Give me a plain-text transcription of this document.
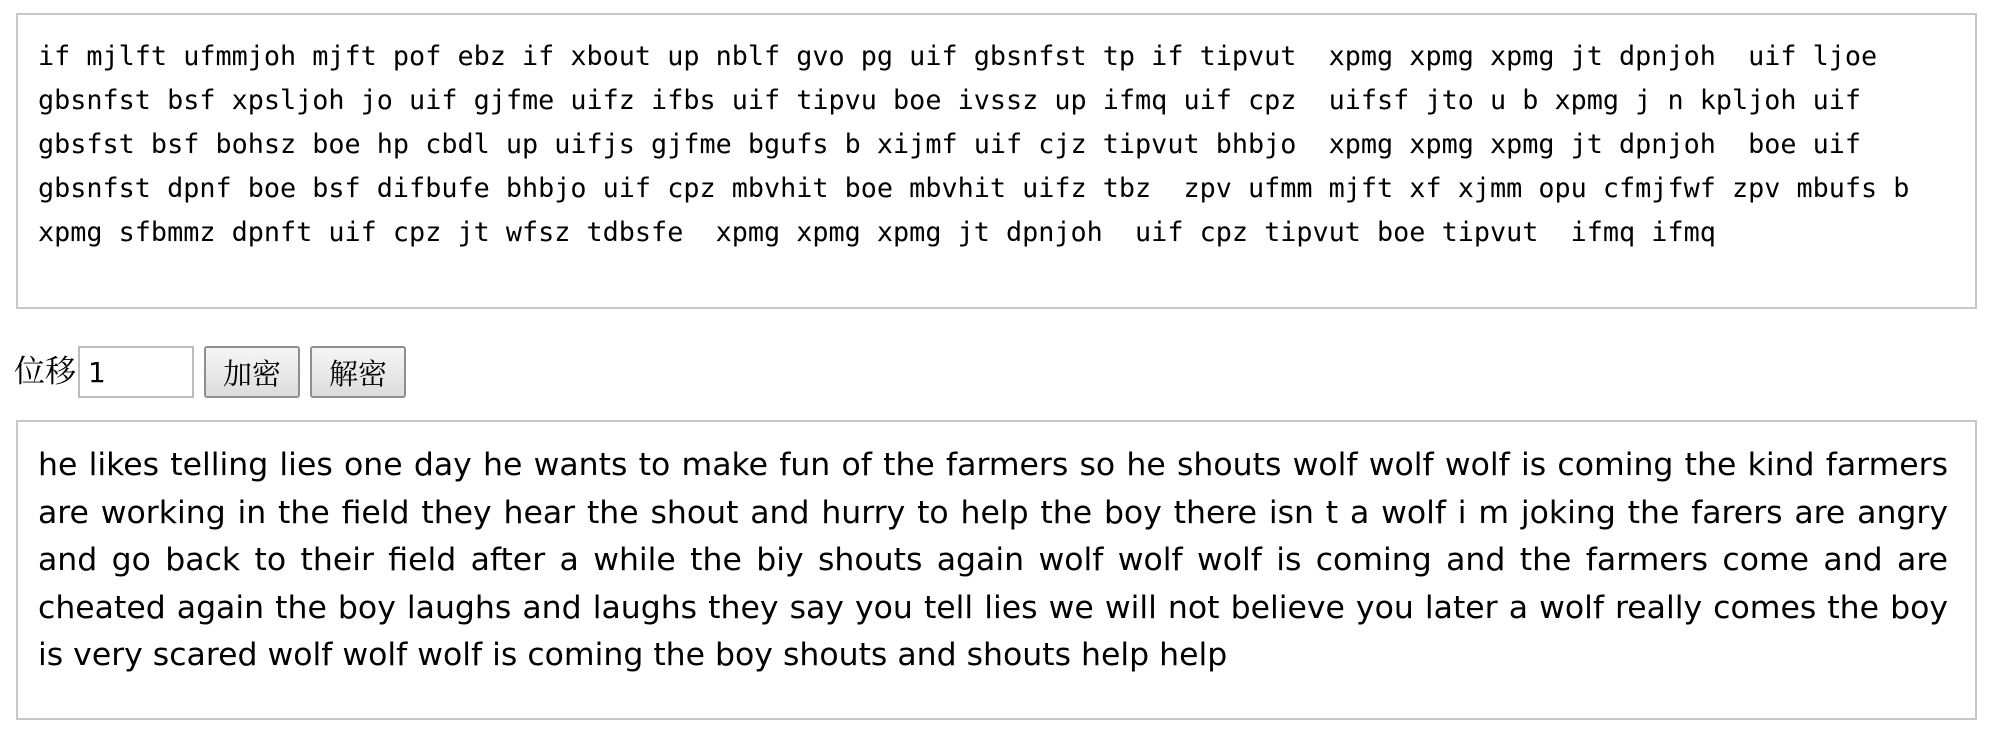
if mjlft ufmmjoh mjft pof ebz if xbout up nblf gvo pg uif gbsnfst tp if tipvut  xpmg xpmg xpmg jt dpnjoh  uif ljoe gbsnfst bsf xpsljoh jo uif gjfme uifz ifbs uif tipvu boe ivssz up ifmq uif cpz  uifsf jto u b xpmg j n kpljoh uif gbsfst bsf bohsz boe hp cbdl up uifjs gjfme bgufs b xijmf uif cjz tipvut bhbjo  xpmg xpmg xpmg jt dpnjoh  boe uif gbsnfst dpnf boe bsf difbufe bhbjo uif cpz mbvhit boe mbvhit uifz tbz  zpv ufmm mjft xf xjmm opu cfmjfwf zpv mbufs b xpmg sfbmmz dpnft uif cpz jt wfsz tdbsfe  xpmg xpmg xpmg jt dpnjoh  uif cpz tipvut boe tipvut  ifmq ifmq
位移
1	加密	解密
he likes telling lies one day he wants to make fun of the farmers so he shouts wolf wolf wolf is coming the kind farmers are working in the field they hear the shout and hurry to help the boy there isn t a wolf i m joking the farers are angry and go back to their field after a while the biy shouts again wolf wolf wolf is coming and the farmers come and are cheated again the boy laughs and laughs they say you tell lies we will not believe you later a wolf really comes the boy is very scared wolf wolf wolf is coming the boy shouts and shouts help help
